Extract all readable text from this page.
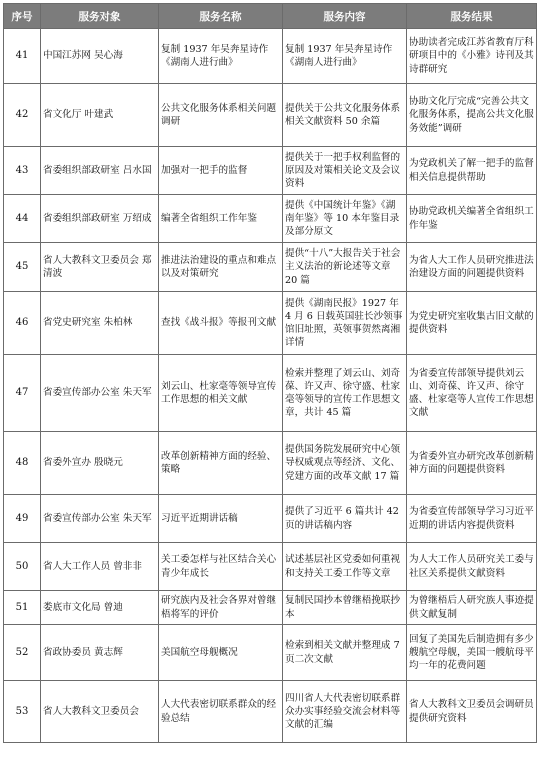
序号	服务对象	服务名称	服务内容	服务结果
41	中国江苏网 吴心海	复制 1937 年吴奔星诗作《湖南人进行曲》	复制 1937 年吴奔星诗作《湖南人进行曲》	协助读者完成江苏省教育厅科研项目中的《小雅》诗刊及其诗群研究
42	省文化厅 叶建武	公共文化服务体系相关问题调研	提供关于公共文化服务体系相关文献资料 50 余篇	协助文化厅完成“完善公共文化服务体系，提高公共文化服务效能”调研
43	省委组织部政研室 吕水国	加强对一把手的监督	提供关于一把手权利监督的原因及对策相关论文及会议资料	为党政机关了解一把手的监督相关信息提供帮助
44	省委组织部政研室 万绍成	编著全省组织工作年鉴	提供《中国统计年鉴》《湖南年鉴》等 10 本年鉴目录及部分原文	协助党政机关编著全省组织工作年鉴
45	省人大教科文卫委员会 郑清波	推进法治建设的重点和难点以及对策研究	提供“十八”大报告关于社会主义法治的新论述等文章 20 篇	为省人大工作人员研究推进法治建设方面的问题提供资料
46	省党史研究室 朱柏林	查找《战斗报》等报刊文献	提供《湖南民报》1927 年 4 月 6 日载英国驻长沙领事馆旧址照，英领事贺然离湘详情	为党史研究室收集古旧文献的提供资料
47	省委宣传部办公室 朱天军	刘云山、杜家毫等领导宣传工作思想的相关文献	检索并整理了刘云山、刘奇葆、许又声、徐守盛、杜家毫等领导的宣传工作思想文章，共计 45 篇	为省委宣传部领导提供刘云山、刘奇葆、许又声、徐守盛、杜家毫等人宣传工作思想文献
48	省委外宣办 殷晓元	改革创新精神方面的经验、策略	提供国务院发展研究中心领导权威观点等经济、文化、党建方面的改革文献 17 篇	为省委外宣办研究改革创新精神方面的问题提供资料
49	省委宣传部办公室 朱天军	习近平近期讲话稿	提供了习近平 6 篇共计 42 页的讲话稿内容	为省委宣传部领导学习习近平近期的讲话内容提供资料
50	省人大工作人员 曾非非	关工委怎样与社区结合关心青少年成长	试述基层社区党委如何重视和支持关工委工作等文章	为人大工作人员研究关工委与社区关系提供文献资料
51	娄底市文化局 曾迪	研究族内及社会各界对曾继梧将军的评价	复制民国抄本曾继梧挽联抄本	为曾继梧后人研究族人事迹提供文献复制
52	省政协委员 黄志辉	美国航空母舰概况	检索到相关文献并整理成 7 页二次文献	回复了美国先后制造拥有多少艘航空母舰，美国一艘航母平均一年的花费问题
53	省人大教科文卫委员会	人大代表密切联系群众的经验总结	四川省人大代表密切联系群众办实事经验交流会材料等文献的汇编	省人大教科文卫委员会调研员提供研究资料
